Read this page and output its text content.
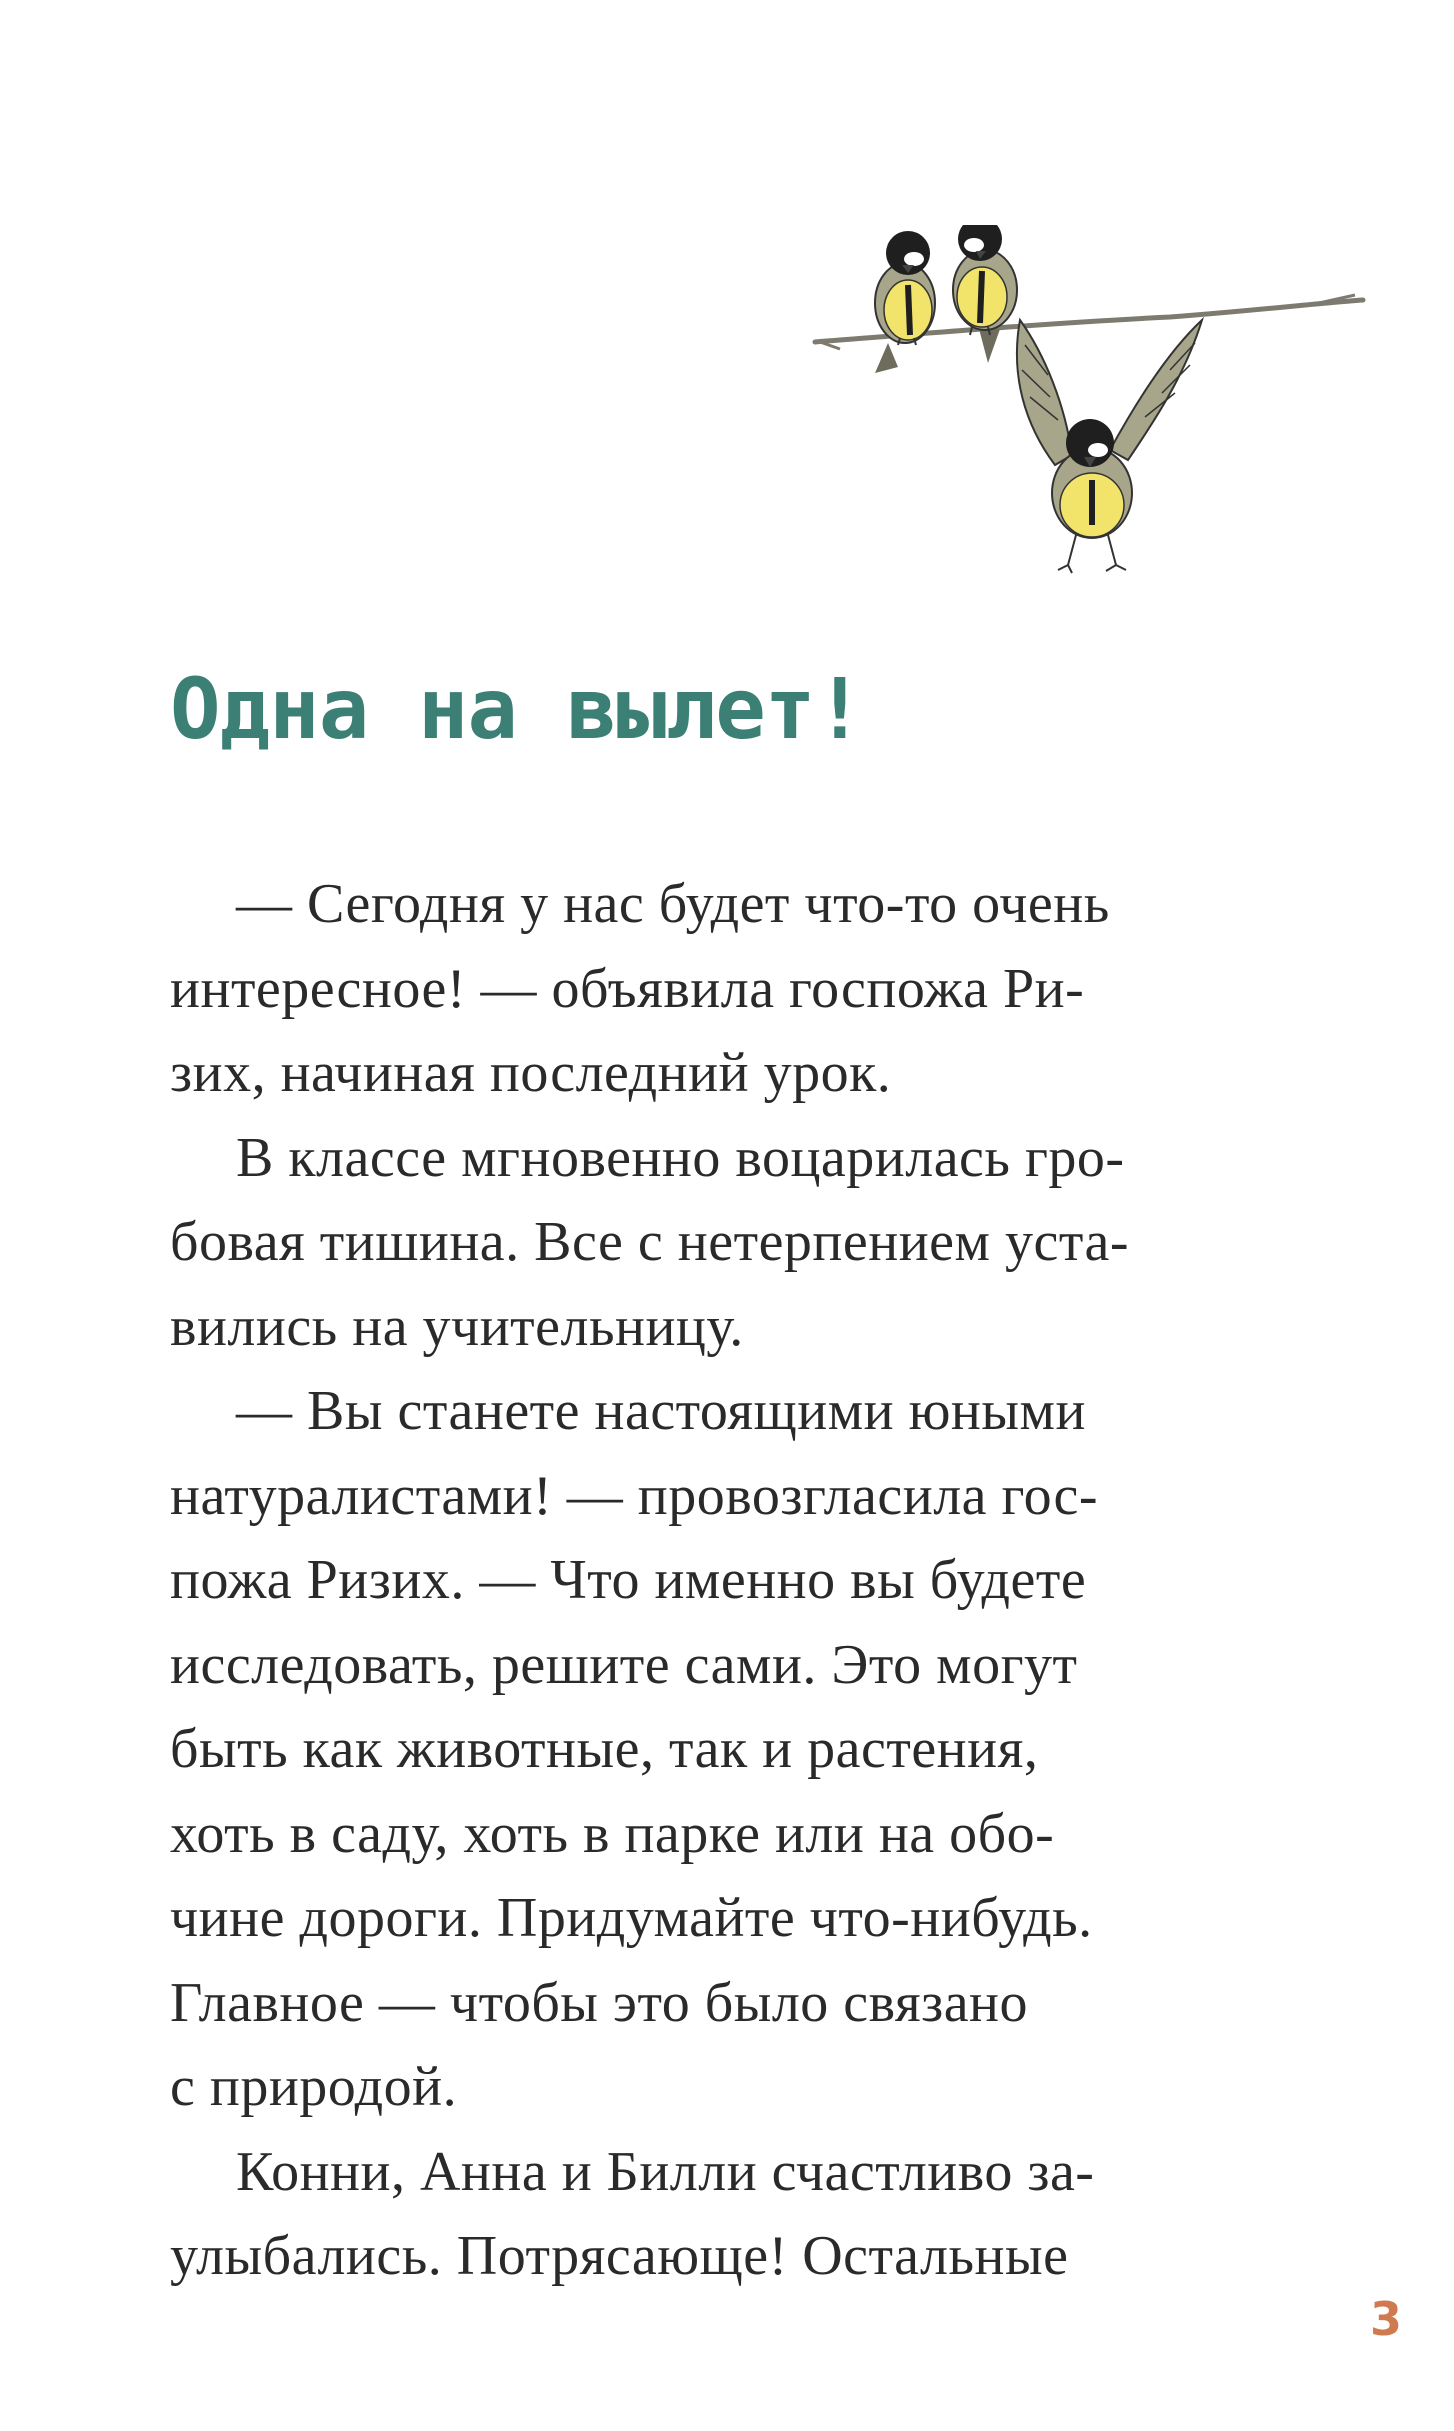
Одна на вылет!
— Сегодня у нас будет что-то очень
интересное! — объявила госпожа Ри-
зих, начиная последний урок.
В классе мгновенно воцарилась гро-
бовая тишина. Все с нетерпением уста-
вились на учительницу.
— Вы станете настоящими юными
натуралистами! — провозгласила гос-
пожа Ризих. — Что именно вы будете
исследовать, решите сами. Это могут
быть как животные, так и растения,
хоть в саду, хоть в парке или на обо-
чине дороги. Придумайте что-нибудь.
Главное — чтобы это было связано
с природой.
Конни, Анна и Билли счастливо за-
улыбались. Потрясающе! Остальные
3
